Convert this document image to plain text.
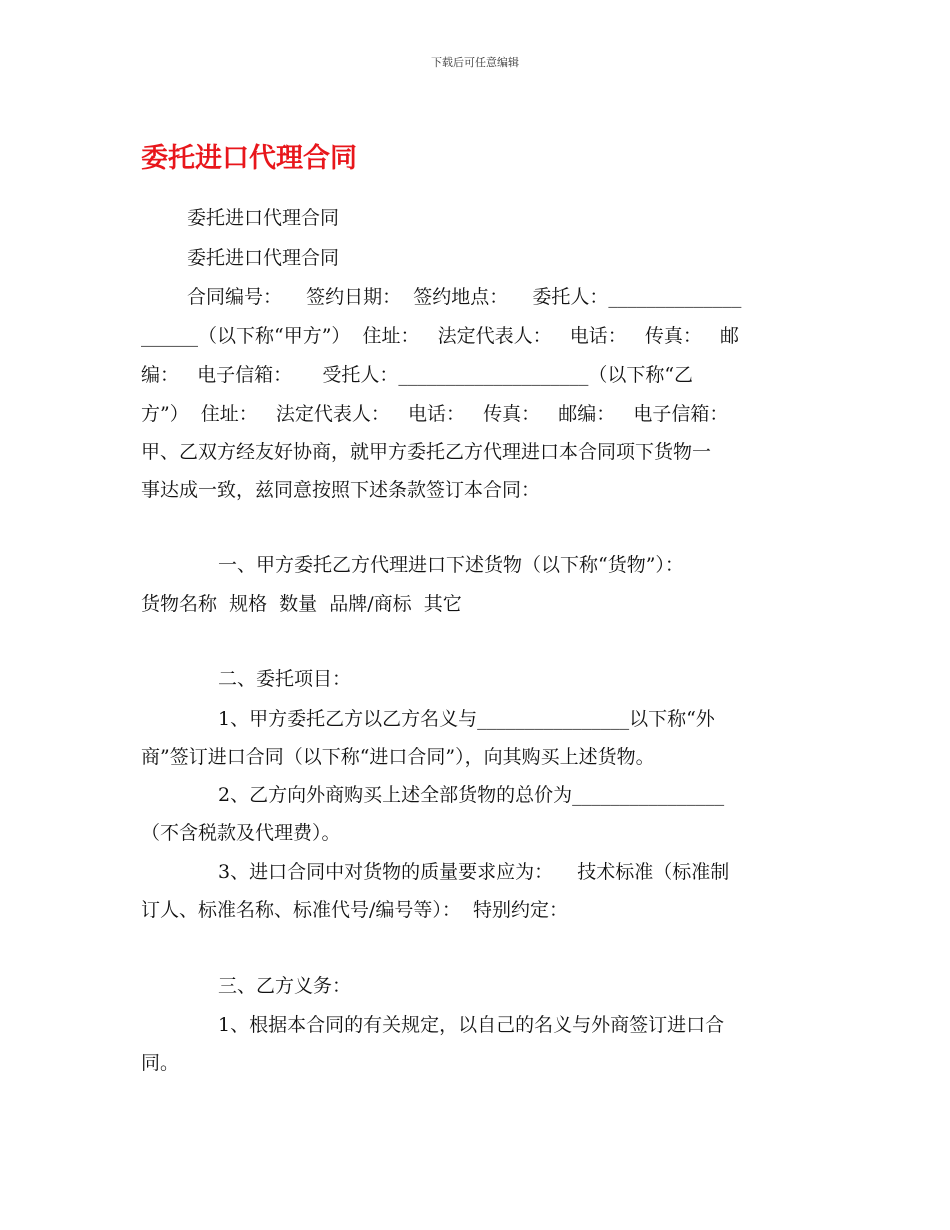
下载后可任意编辑
委托进口代理合同
委托进口代理合同
委托进口代理合同
合同编号：    签约日期：  签约地点：    委托人：______________
______（以下称“甲方”）  住址：   法定代表人：   电话：   传真：   邮
编：   电子信箱：     受托人：____________________（以下称“乙
方”）  住址：   法定代表人：   电话：   传真：   邮编：   电子信箱：
甲、乙双方经友好协商，就甲方委托乙方代理进口本合同项下货物一
事达成一致，兹同意按照下述条款签订本合同：
一、甲方委托乙方代理进口下述货物（以下称“货物”）：
货物名称  规格  数量  品牌/商标  其它
二、委托项目：
1、甲方委托乙方以乙方名义与________________以下称“外
商”签订进口合同（以下称“进口合同”），向其购买上述货物。
2、乙方向外商购买上述全部货物的总价为________________
（不含税款及代理费）。
3、进口合同中对货物的质量要求应为：    技术标准（标准制
订人、标准名称、标准代号/编号等）：  特别约定：
三、乙方义务：
1、根据本合同的有关规定，以自己的名义与外商签订进口合
同。
